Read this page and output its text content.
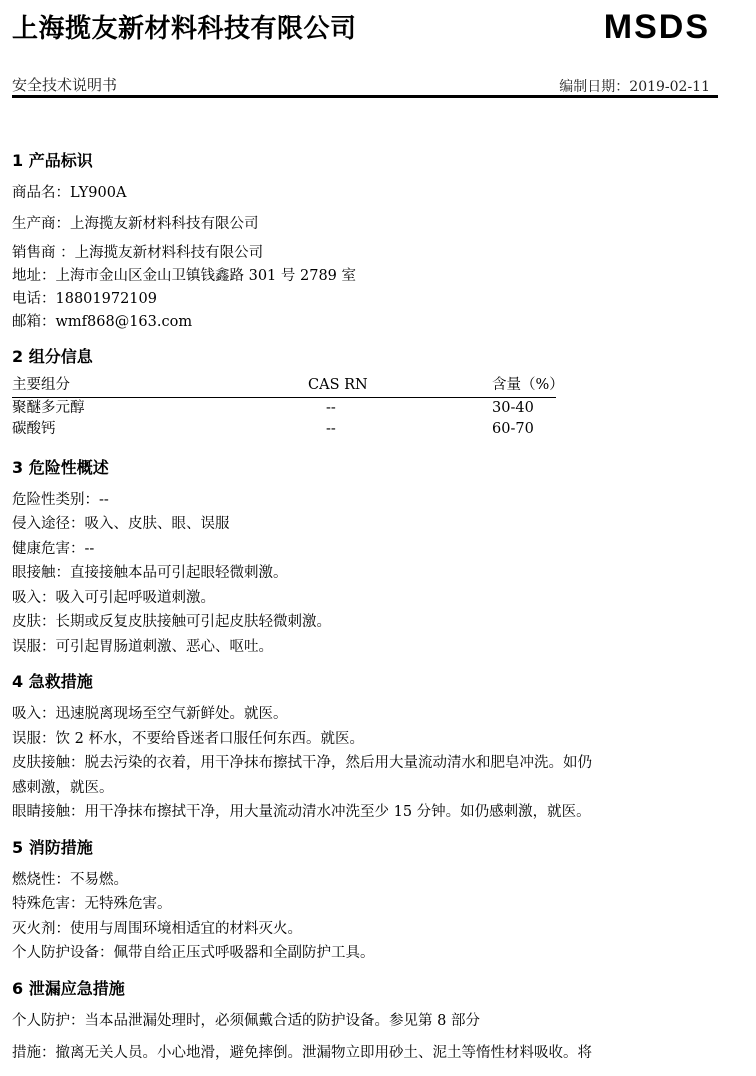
上海揽友新材料科技有限公司	MSDS
安全技术说明书	编制日期：2019-02-11
1 产品标识
商品名：LY900A
生产商：上海揽友新材料科技有限公司
销售商 ：上海揽友新材料科技有限公司
地址：上海市金山区金山卫镇钱鑫路 301 号 2789 室
电话：18801972109
邮箱：wmf868@163.com
2 组分信息
主要组分	CAS RN	含量（%）
聚醚多元醇	--	30-40
碳酸钙	--	60-70
3 危险性概述
危险性类别：--
侵入途径：吸入、皮肤、眼、误服
健康危害：--
眼接触：直接接触本品可引起眼轻微刺激。
吸入：吸入可引起呼吸道刺激。
皮肤：长期或反复皮肤接触可引起皮肤轻微刺激。
误服：可引起胃肠道刺激、恶心、呕吐。
4 急救措施
吸入：迅速脱离现场至空气新鲜处。就医。
误服：饮 2 杯水，不要给昏迷者口服任何东西。就医。
皮肤接触：脱去污染的衣着，用干净抹布擦拭干净，然后用大量流动清水和肥皂冲洗。如仍
感刺激，就医。
眼睛接触：用干净抹布擦拭干净，用大量流动清水冲洗至少 15 分钟。如仍感刺激，就医。
5 消防措施
燃烧性：不易燃。
特殊危害：无特殊危害。
灭火剂：使用与周围环境相适宜的材料灭火。
个人防护设备：佩带自给正压式呼吸器和全副防护工具。
6 泄漏应急措施
个人防护：当本品泄漏处理时，必须佩戴合适的防护设备。参见第 8 部分
措施：撤离无关人员。小心地滑，避免摔倒。泄漏物立即用砂土、泥土等惰性材料吸收。将
